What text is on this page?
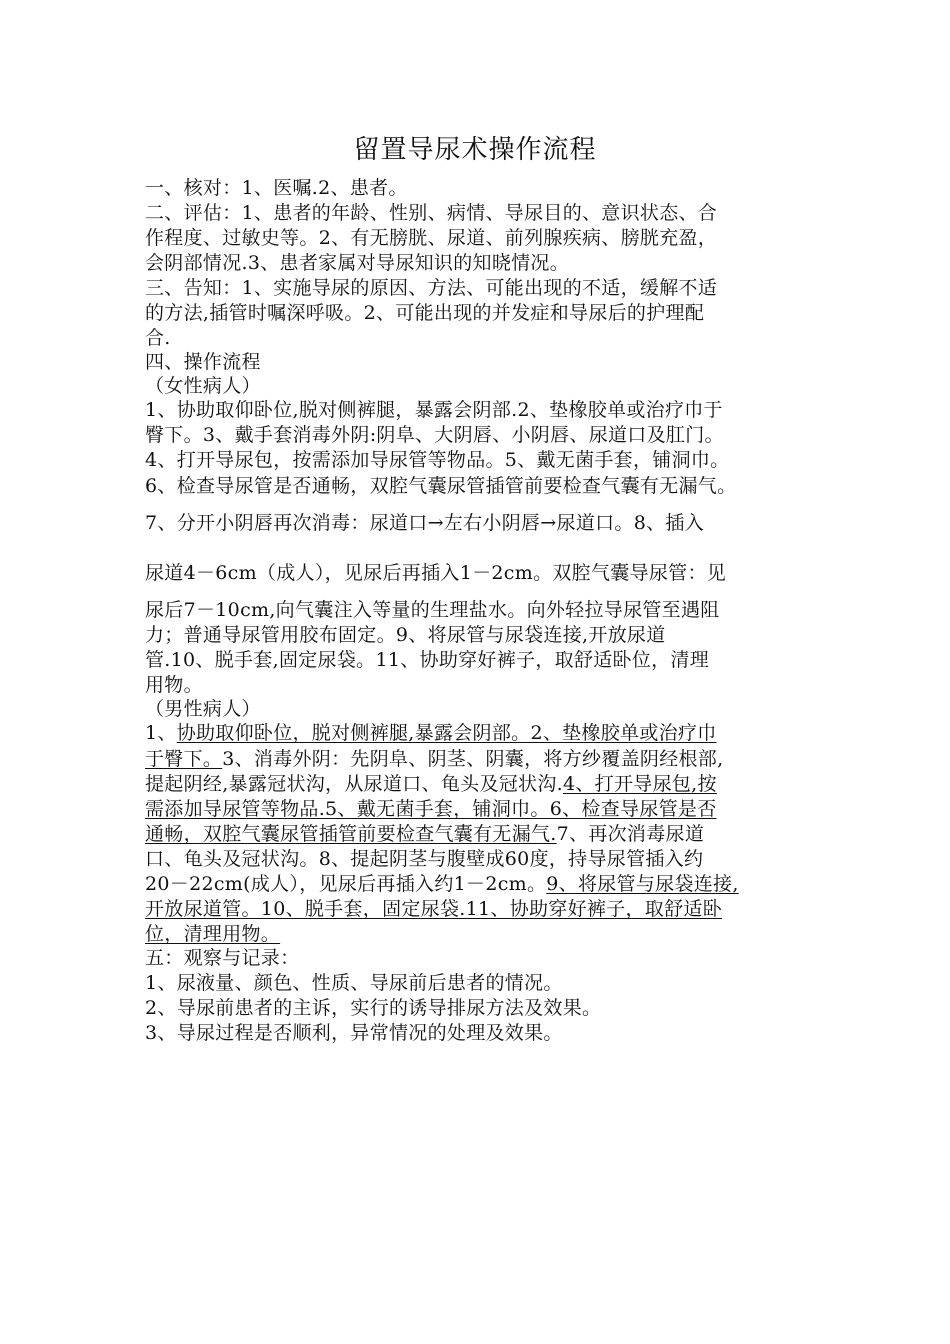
留置导尿术操作流程
一、核对：1、医嘱.2、患者。
二、评估：1、患者的年龄、性别、病情、导尿目的、意识状态、合
作程度、过敏史等。2、有无膀胱、尿道、前列腺疾病、膀胱充盈，
会阴部情况.3、患者家属对导尿知识的知晓情况。
三、告知：1、实施导尿的原因、方法、可能出现的不适，缓解不适
的方法,插管时嘱深呼吸。2、可能出现的并发症和导尿后的护理配
合.
四、操作流程
（女性病人）
1、协助取仰卧位,脱对侧裤腿，暴露会阴部.2、垫橡胶单或治疗巾于
臀下。3、戴手套消毒外阴:阴阜、大阴唇、小阴唇、尿道口及肛门。
4、打开导尿包，按需添加导尿管等物品。5、戴无菌手套，铺洞巾。
6、检查导尿管是否通畅，双腔气囊尿管插管前要检查气囊有无漏气。
7、分开小阴唇再次消毒：尿道口→左右小阴唇→尿道口。8、插入
尿道4－6cm（成人），见尿后再插入1－2cm。双腔气囊导尿管：见
尿后7－10cm,向气囊注入等量的生理盐水。向外轻拉导尿管至遇阻
力；普通导尿管用胶布固定。9、将尿管与尿袋连接,开放尿道
管.10、脱手套,固定尿袋。11、协助穿好裤子，取舒适卧位，清理
用物。
（男性病人）
1、协助取仰卧位，脱对侧裤腿,暴露会阴部。2、垫橡胶单或治疗巾
于臀下。3、消毒外阴：先阴阜、阴茎、阴囊，将方纱覆盖阴经根部,
提起阴经,暴露冠状沟，从尿道口、龟头及冠状沟.4、打开导尿包,按
需添加导尿管等物品.5、戴无菌手套，铺洞巾。6、检查导尿管是否
通畅，双腔气囊尿管插管前要检查气囊有无漏气.7、再次消毒尿道
口、龟头及冠状沟。8、提起阴茎与腹壁成60度，持导尿管插入约
20－22cm(成人），见尿后再插入约1－2cm。9、将尿管与尿袋连接,
开放尿道管。10、脱手套，固定尿袋.11、协助穿好裤子，取舒适卧
位，清理用物。
五：观察与记录：
1、尿液量、颜色、性质、导尿前后患者的情况。
2、导尿前患者的主诉，实行的诱导排尿方法及效果。
3、导尿过程是否顺利，异常情况的处理及效果。
